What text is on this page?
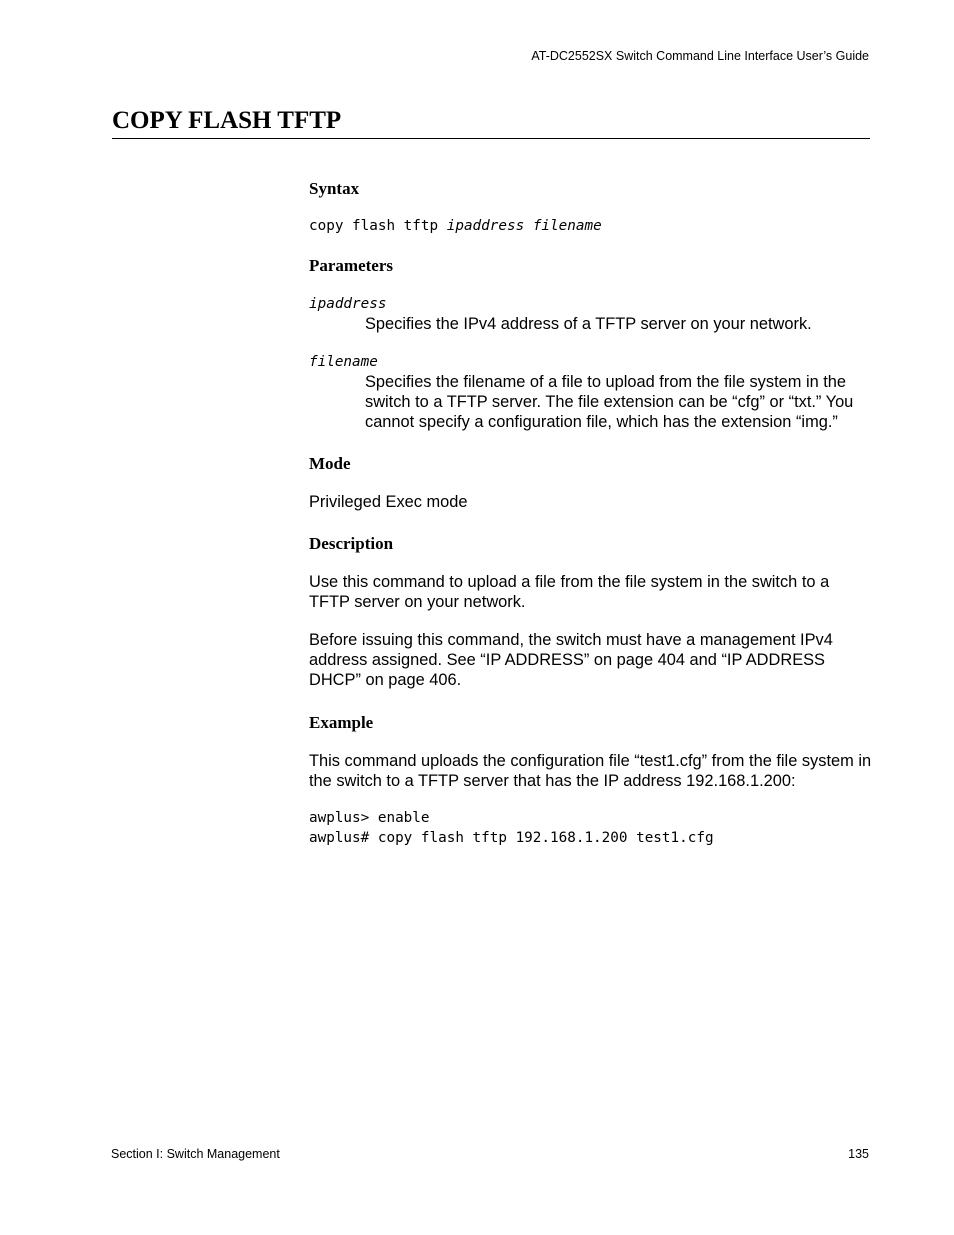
AT-DC2552SX Switch Command Line Interface User’s Guide
COPY FLASH TFTP
Syntax
copy flash tftp ipaddress filename
Parameters
ipaddress

Specifies the IPv4 address of a TFTP server on your network.

filename

Specifies the filename of a file to upload from the file system in the switch to a TFTP server. The file extension can be “cfg” or “txt.” You cannot specify a configuration file, which has the extension “img.”

Mode

Privileged Exec mode

Description

Use this command to upload a file from the file system in the switch to a TFTP server on your network.

Before issuing this command, the switch must have a management IPv4 address assigned. See “IP ADDRESS” on page 404 and “IP ADDRESS DHCP” on page 406.

Example

This command uploads the configuration file “test1.cfg” from the file system in the switch to a TFTP server that has the IP address 192.168.1.200:

awplus> enable
awplus# copy flash tftp 192.168.1.200 test1.cfg
Section I: Switch Management	135
